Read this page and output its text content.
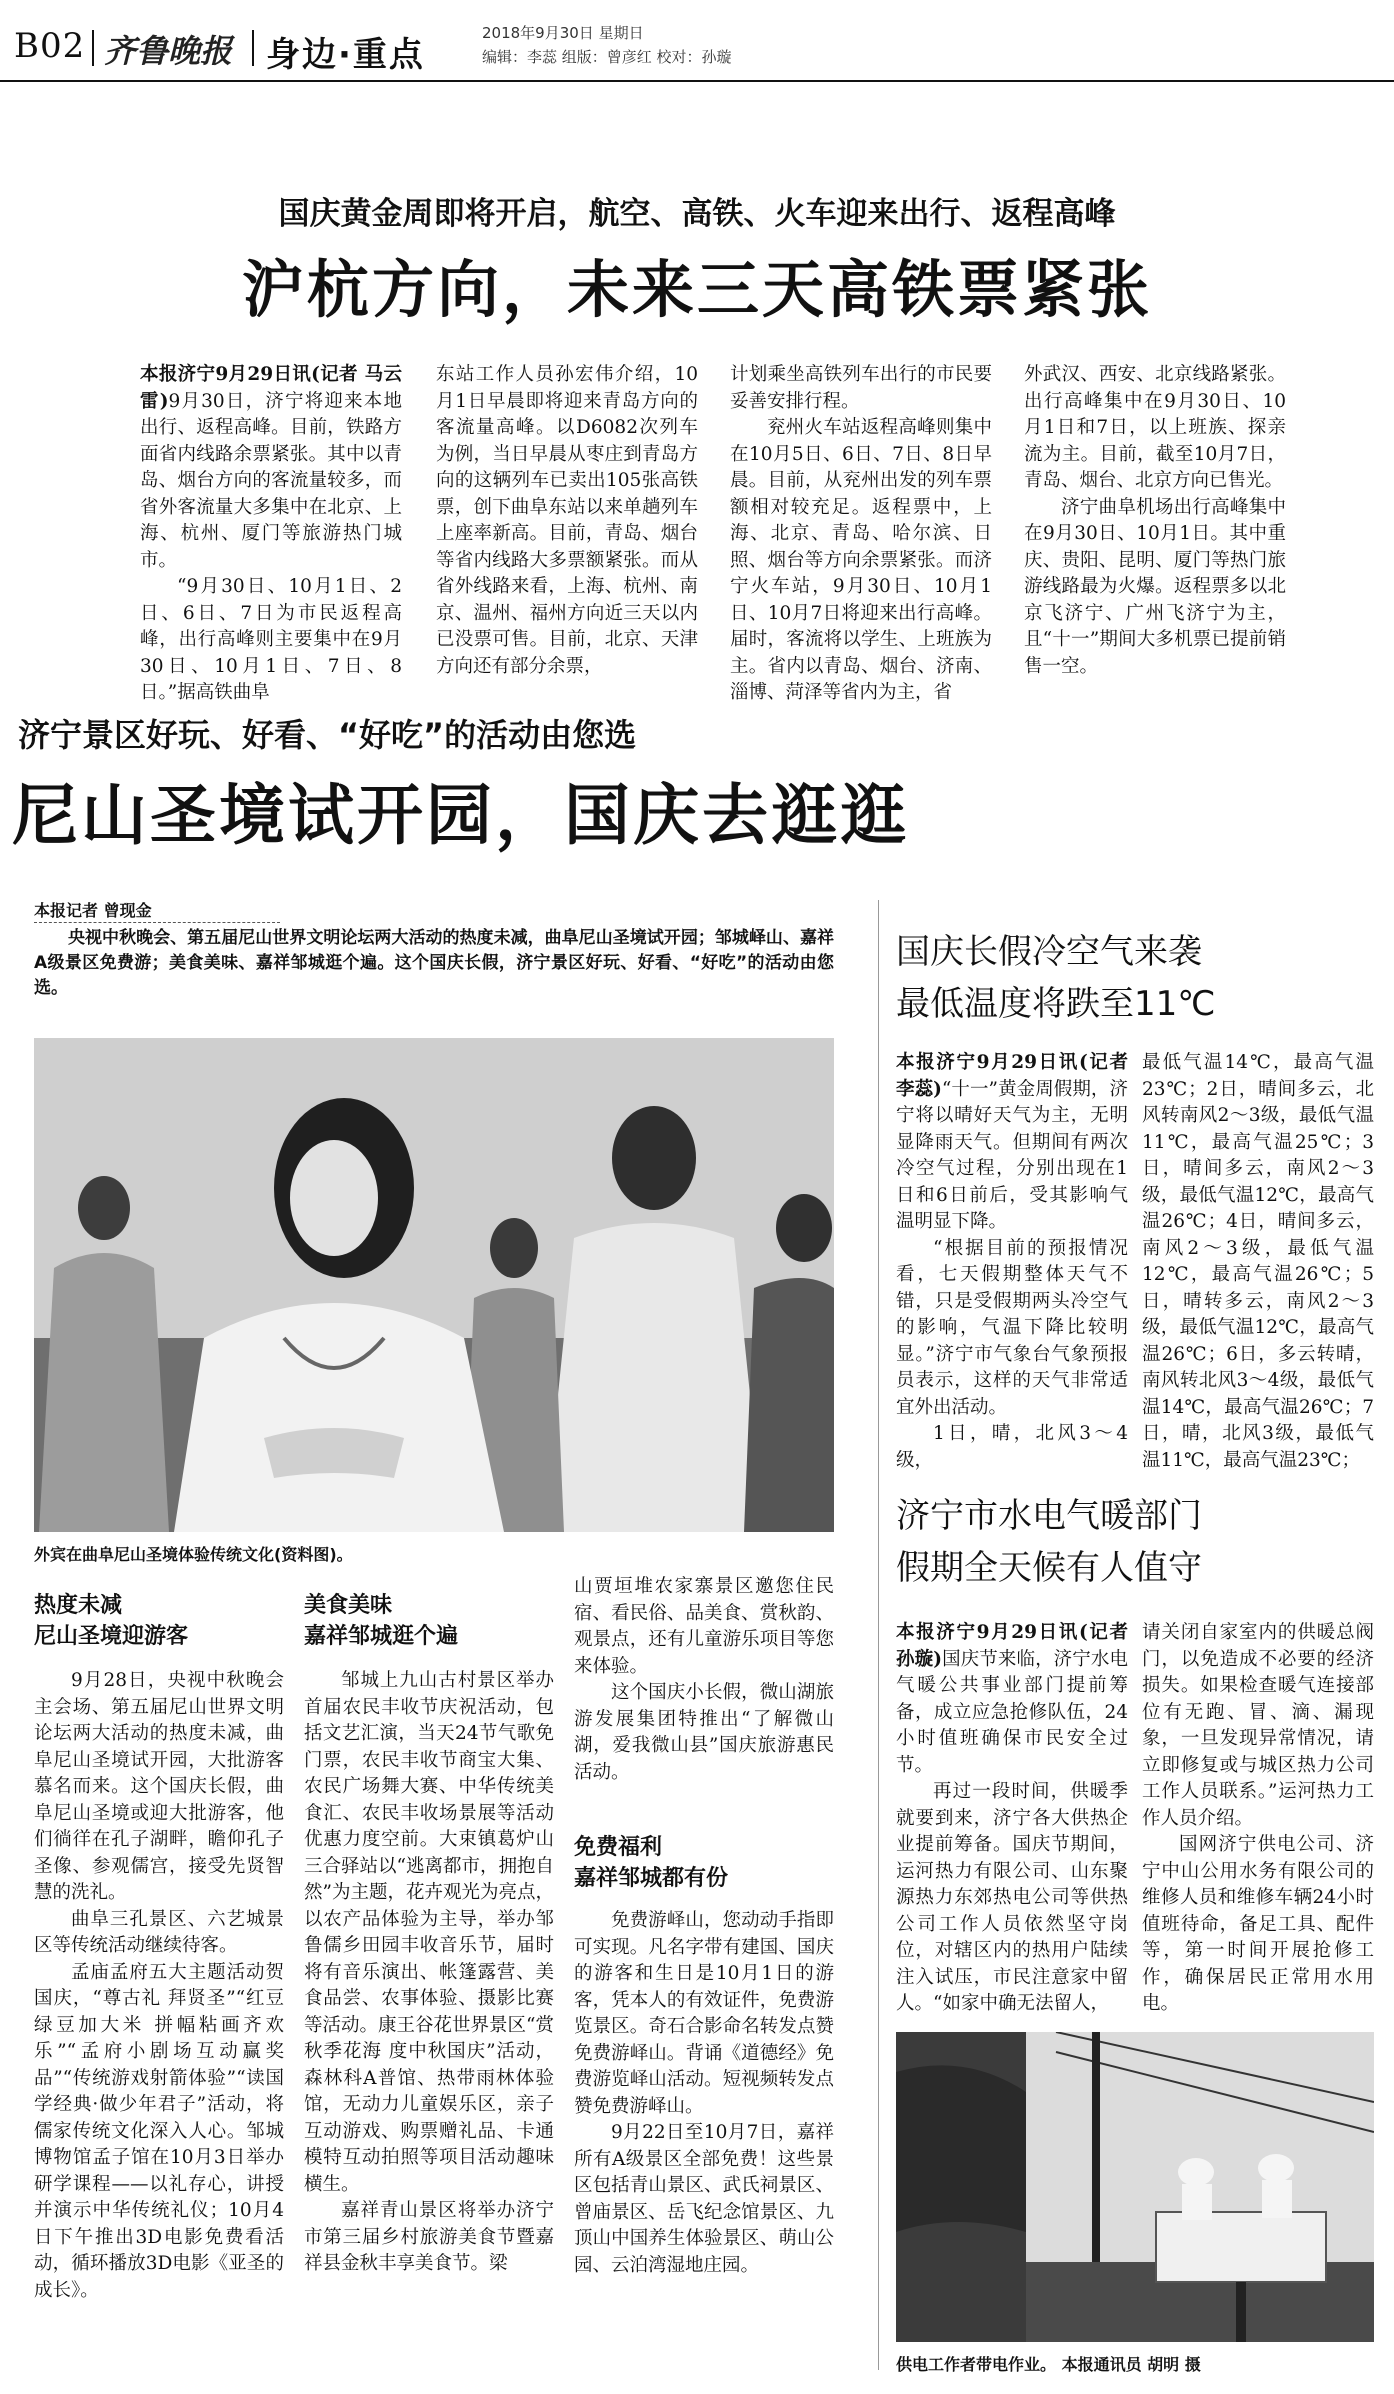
B02 齐鲁晚报 身边·重点
2018年9月30日 星期日
编辑：李蕊 组版：曾彦红 校对：孙璇
国庆黄金周即将开启，航空、高铁、火车迎来出行、返程高峰
沪杭方向，未来三天高铁票紧张

本报济宁9月29日讯(记者 马云雷)9月30日，济宁将迎来本地出行、返程高峰。目前，铁路方面省内线路余票紧张。其中以青岛、烟台方向的客流量较多，而省外客流量大多集中在北京、上海、杭州、厦门等旅游热门城市。

“9月30日、10月1日、2日、6日、7日为市民返程高峰，出行高峰则主要集中在9月30日、10月1日、7日、8日。”据高铁曲阜

东站工作人员孙宏伟介绍，10月1日早晨即将迎来青岛方向的客流量高峰。以D6082次列车为例，当日早晨从枣庄到青岛方向的这辆列车已卖出105张高铁票，创下曲阜东站以来单趟列车上座率新高。目前，青岛、烟台等省内线路大多票额紧张。而从省外线路来看，上海、杭州、南京、温州、福州方向近三天以内已没票可售。目前，北京、天津方向还有部分余票，

计划乘坐高铁列车出行的市民要妥善安排行程。

兖州火车站返程高峰则集中在10月5日、6日、7日、8日早晨。目前，从兖州出发的列车票额相对较充足。返程票中，上海、北京、青岛、哈尔滨、日照、烟台等方向余票紧张。而济宁火车站，9月30日、10月1日、10月7日将迎来出行高峰。届时，客流将以学生、上班族为主。省内以青岛、烟台、济南、淄博、菏泽等省内为主，省

外武汉、西安、北京线路紧张。出行高峰集中在9月30日、10月1日和7日，以上班族、探亲流为主。目前，截至10月7日，青岛、烟台、北京方向已售光。

济宁曲阜机场出行高峰集中在9月30日、10月1日。其中重庆、贵阳、昆明、厦门等热门旅游线路最为火爆。返程票多以北京飞济宁、广州飞济宁为主，且“十一”期间大多机票已提前销售一空。

济宁景区好玩、好看、“好吃”的活动由您选
尼山圣境试开园，国庆去逛逛
本报记者 曾现金

央视中秋晚会、第五届尼山世界文明论坛两大活动的热度未减，曲阜尼山圣境试开园；邹城峄山、嘉祥A级景区免费游；美食美味、嘉祥邹城逛个遍。这个国庆长假，济宁景区好玩、好看、“好吃”的活动由您选。

外宾在曲阜尼山圣境体验传统文化(资料图)。
热度未减
尼山圣境迎游客

9月28日，央视中秋晚会主会场、第五届尼山世界文明论坛两大活动的热度未减，曲阜尼山圣境试开园，大批游客慕名而来。这个国庆长假，曲阜尼山圣境或迎大批游客，他们徜徉在孔子湖畔，瞻仰孔子圣像、参观儒宫，接受先贤智慧的洗礼。

曲阜三孔景区、六艺城景区等传统活动继续待客。

孟庙孟府五大主题活动贺国庆，“尊古礼 拜贤圣”“红豆绿豆加大米 拼幅粘画齐欢乐”“孟府小剧场互动赢奖品”“传统游戏射箭体验”“读国学经典·做少年君子”活动，将儒家传统文化深入人心。邹城博物馆孟子馆在10月3日举办研学课程——以礼存心，讲授并演示中华传统礼仪；10月4日下午推出3D电影免费看活动，循环播放3D电影《亚圣的成长》。

美食美味
嘉祥邹城逛个遍

邹城上九山古村景区举办首届农民丰收节庆祝活动，包括文艺汇演，当天24节气歌免门票，农民丰收节商宝大集、农民广场舞大赛、中华传统美食汇、农民丰收场景展等活动优惠力度空前。大束镇葛炉山三合驿站以“逃离都市，拥抱自然”为主题，花卉观光为亮点，以农产品体验为主导，举办邹鲁儒乡田园丰收音乐节，届时将有音乐演出、帐篷露营、美食品尝、农事体验、摄影比赛等活动。康王谷花世界景区“赏秋季花海 度中秋国庆”活动，森林科A普馆、热带雨林体验馆，无动力儿童娱乐区，亲子互动游戏、购票赠礼品、卡通模特互动拍照等项目活动趣味横生。

嘉祥青山景区将举办济宁市第三届乡村旅游美食节暨嘉祥县金秋丰享美食节。梁

山贾垣堆农家寨景区邀您住民宿、看民俗、品美食、赏秋韵、观景点，还有儿童游乐项目等您来体验。

这个国庆小长假，微山湖旅游发展集团特推出“了解微山湖，爱我微山县”国庆旅游惠民活动。

免费福利
嘉祥邹城都有份

免费游峄山，您动动手指即可实现。凡名字带有建国、国庆的游客和生日是10月1日的游客，凭本人的有效证件，免费游览景区。奇石合影命名转发点赞免费游峄山。背诵《道德经》免费游览峄山活动。短视频转发点赞免费游峄山。

9月22日至10月7日，嘉祥所有A级景区全部免费！这些景区包括青山景区、武氏祠景区、曾庙景区、岳飞纪念馆景区、九顶山中国养生体验景区、萌山公园、云泊湾湿地庄园。

国庆长假冷空气来袭
最低温度将跌至11℃

本报济宁9月29日讯(记者 李蕊)“十一”黄金周假期，济宁将以晴好天气为主，无明显降雨天气。但期间有两次冷空气过程，分别出现在1日和6日前后，受其影响气温明显下降。

“根据目前的预报情况看，七天假期整体天气不错，只是受假期两头冷空气的影响，气温下降比较明显。”济宁市气象台气象预报员表示，这样的天气非常适宜外出活动。

1日，晴，北风3～4级，

最低气温14℃，最高气温23℃；2日，晴间多云，北风转南风2～3级，最低气温11℃，最高气温25℃；3日，晴间多云，南风2～3级，最低气温12℃，最高气温26℃；4日，晴间多云，南风2～3级，最低气温12℃，最高气温26℃；5日，晴转多云，南风2～3级，最低气温12℃，最高气温26℃；6日，多云转晴，南风转北风3～4级，最低气温14℃，最高气温26℃；7日，晴，北风3级，最低气温11℃，最高气温23℃；

济宁市水电气暖部门
假期全天候有人值守

本报济宁9月29日讯(记者 孙璇)国庆节来临，济宁水电气暖公共事业部门提前筹备，成立应急抢修队伍，24小时值班确保市民安全过节。

再过一段时间，供暖季就要到来，济宁各大供热企业提前筹备。国庆节期间，运河热力有限公司、山东聚源热力东郊热电公司等供热公司工作人员依然坚守岗位，对辖区内的热用户陆续注入试压，市民注意家中留人。“如家中确无法留人，

请关闭自家室内的供暖总阀门，以免造成不必要的经济损失。如果检查暖气连接部位有无跑、冒、滴、漏现象，一旦发现异常情况，请立即修复或与城区热力公司工作人员联系。”运河热力工作人员介绍。

国网济宁供电公司、济宁中山公用水务有限公司的维修人员和维修车辆24小时值班待命，备足工具、配件等，第一时间开展抢修工作，确保居民正常用水用电。

供电工作者带电作业。 本报通讯员 胡明 摄
